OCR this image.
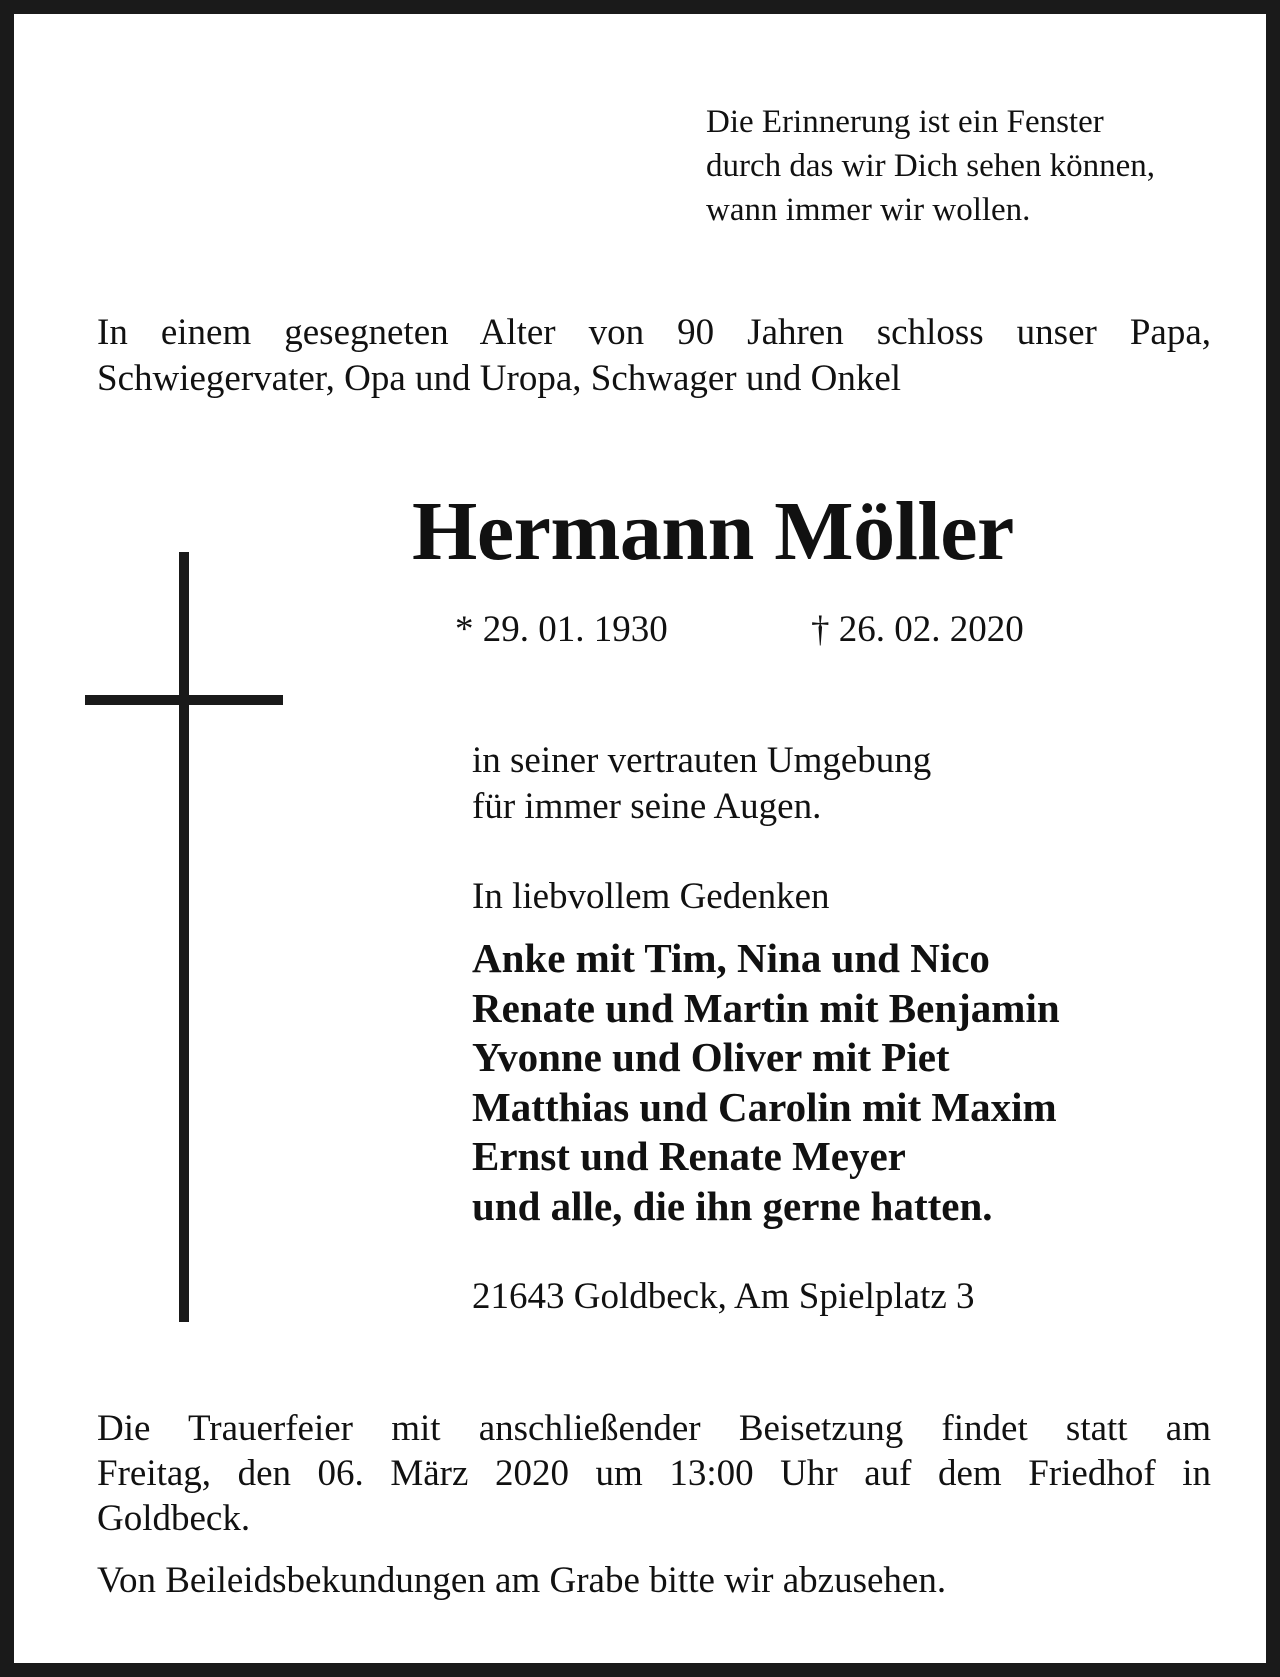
Die Erinnerung ist ein Fenster
durch das wir Dich sehen können,
wann immer wir wollen.
In einem gesegneten Alter von 90 Jahren schloss unser Papa,
Schwiegervater, Opa und Uropa, Schwager und Onkel
Hermann Möller
* 29. 01. 1930	† 26. 02. 2020
in seiner vertrauten Umgebung
für immer seine Augen.
In liebvollem Gedenken
Anke mit Tim, Nina und Nico
Renate und Martin mit Benjamin
Yvonne und Oliver mit Piet
Matthias und Carolin mit Maxim
Ernst und Renate Meyer
und alle, die ihn gerne hatten.
21643 Goldbeck, Am Spielplatz 3
Die Trauerfeier mit anschließender Beisetzung findet statt am
Freitag, den 06. März 2020 um 13:00 Uhr auf dem Friedhof in
Goldbeck.
Von Beileidsbekundungen am Grabe bitte wir abzusehen.
